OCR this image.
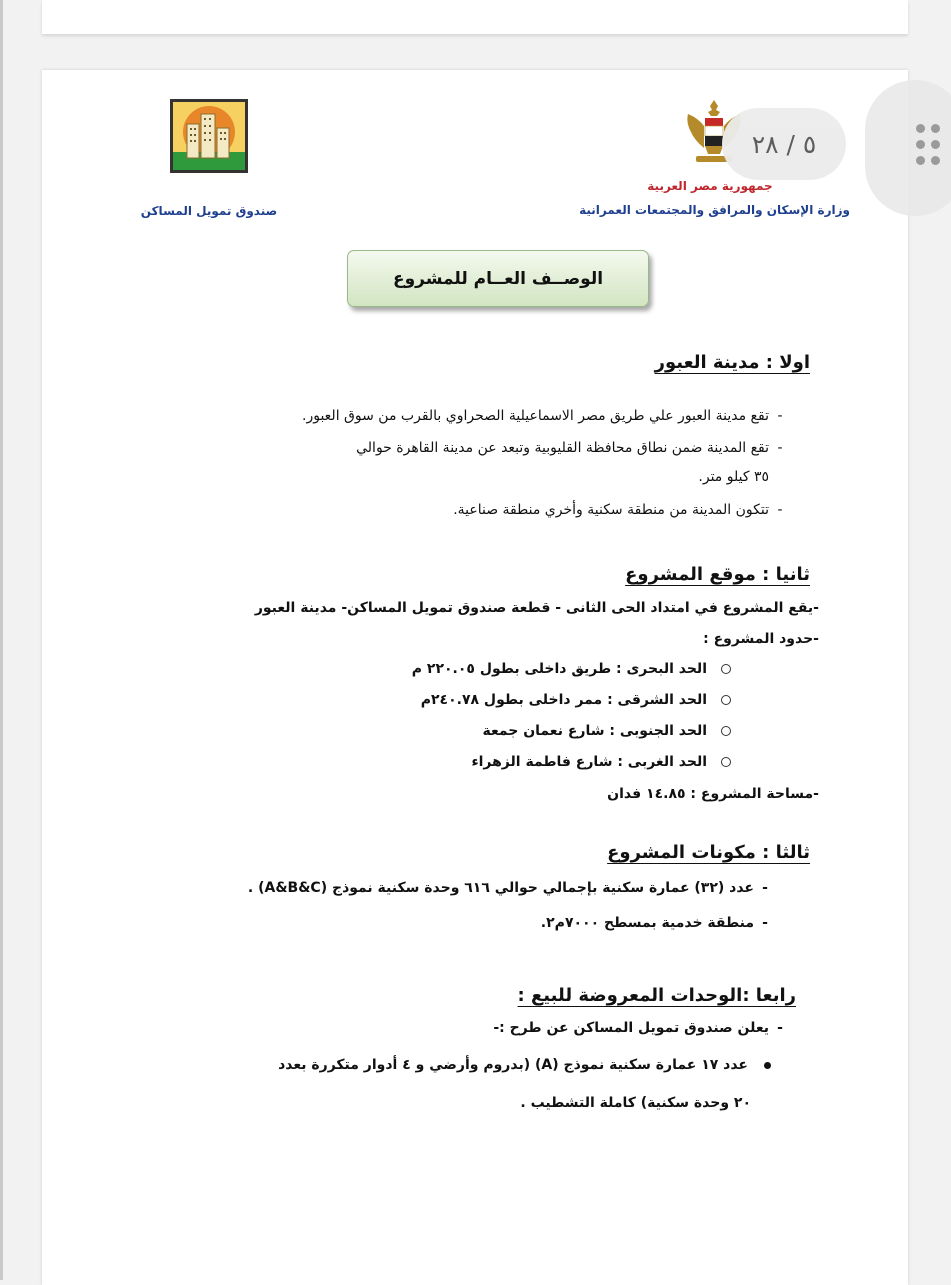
جمهورية مصر العربية
وزارة الإسكان والمرافق والمجتمعات العمرانية
صندوق تمويل المساكن
٥ / ٢٨
الوصــف العــام للمشروع
اولا : مدينة العبور
-تقع مدينة العبور علي طريق مصر الاسماعيلية الصحراوي بالقرب من سوق العبور.
-تقع المدينة ضمن نطاق محافظة القليوبية وتبعد عن مدينة القاهرة حوالي
٣٥ كيلو متر.
-تتكون المدينة من منطقة سكنية وأخري منطقة صناعية.
ثانيا : موقع المشروع
-يقع المشروع في امتداد الحى الثانى - قطعة صندوق تمويل المساكن- مدينة العبور
-حدود المشروع :
الحد البحرى : طريق داخلى بطول ٢٢٠.٠٥ م
الحد الشرقى : ممر داخلى بطول ٢٤٠.٧٨م
الحد الجنوبى : شارع نعمان جمعة
الحد الغربى : شارع فاطمة الزهراء
-مساحة المشروع : ١٤.٨٥ فدان
ثالثا : مكونات المشروع
-عدد (٣٢) عمارة سكنية بإجمالي حوالي ٦١٦ وحدة سكنية نموذج (A&B&C) .
-منطقة خدمية بمسطح ٧٠٠٠م٢.
رابعا :الوحدات المعروضة للبيع :
-يعلن صندوق تمويل المساكن عن طرح :-
عدد ١٧ عمارة سكنية نموذج (A) (بدروم وأرضي و ٤ أدوار متكررة بعدد
٢٠ وحدة سكنية) كاملة التشطيب .
